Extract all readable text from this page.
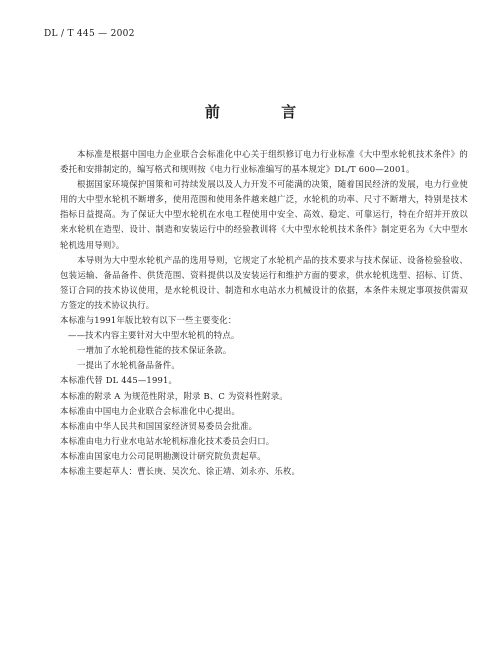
DL / T 445 — 2002
前 言

本标准是根据中国电力企业联合会标准化中心关于组织修订电力行业标准《大中型水轮机技术条件》的委托和安排制定的，编写格式和规则按《电力行业标准编写的基本规定》DL/T 600—2001。

根据国家环境保护国策和可持续发展以及人力开发不可能满的决策，随着国民经济的发展，电力行业使用的大中型水轮机不断增多，使用范围和使用条件越来越广泛，水轮机的功率、尺寸不断增大，特别是技术指标日益提高。为了保证大中型水轮机在水电工程使用中安全、高效、稳定、可靠运行，特在介绍并开放以来水轮机在造型、设计、制造和安装运行中的经验教训将《大中型水轮机技术条件》制定更名为《大中型水轮机选用导则》。

本导则为大中型水轮机产品的选用导则，它规定了水轮机产品的技术要求与技术保证、设备检验验收、包装运输、备品备件、供货范围、资料提供以及安装运行和维护方面的要求，供水轮机选型、招标、订货、签订合同的技术协议使用，是水轮机设计、制造和水电站水力机械设计的依据，本条件未规定事项按供需双方签定的技术协议执行。

本标准与1991年版比较有以下一些主要变化：

——技术内容主要针对大中型水轮机的特点。

一增加了水轮机稳性能的技术保证条款。

一提出了水轮机备品备件。

本标准代替 DL 445—1991。

本标准的附录 A 为规范性附录，附录 B、C 为资料性附录。

本标准由中国电力企业联合会标准化中心提出。

本标准由中华人民共和国国家经济贸易委员会批准。

本标准由电力行业水电站水轮机标准化技术委员会归口。

本标准由国家电力公司昆明勘测设计研究院负责起草。

本标准主要起草人：曹长庚、吴次允、徐正靖、刘永亦、乐枚。
